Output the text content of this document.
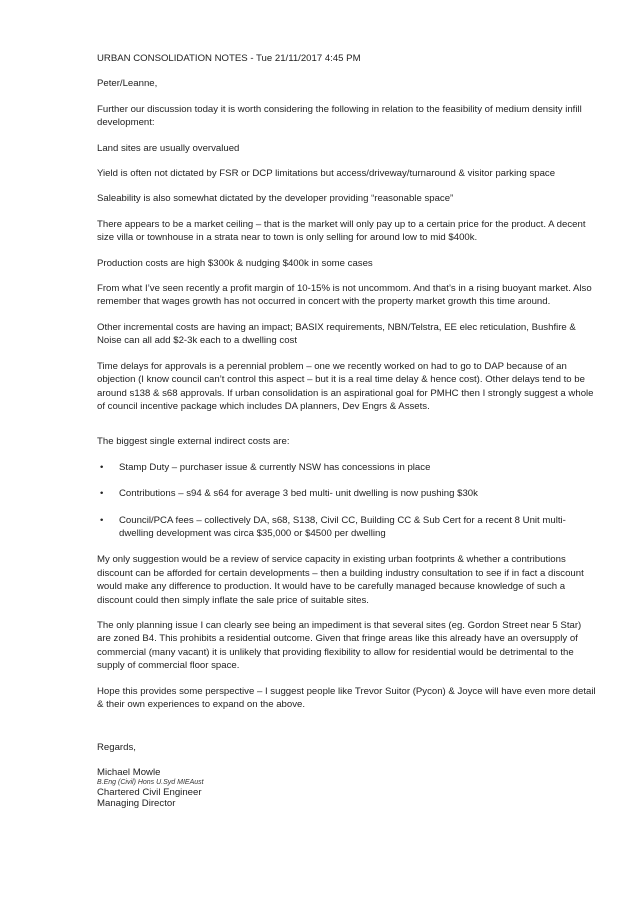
URBAN CONSOLIDATION NOTES - Tue 21/11/2017 4:45 PM

Peter/Leanne,

Further our discussion today it is worth considering the following in relation to the feasibility of medium density infill development:

Land sites are usually overvalued

Yield is often not dictated by FSR or DCP limitations but access/driveway/turnaround & visitor parking space

Saleability is also somewhat dictated by the developer providing “reasonable space”

There appears to be a market ceiling – that is the market will only pay up to a certain price for the product. A decent size villa or townhouse in a strata near to town is only selling for around low to mid $400k.

Production costs are high $300k & nudging $400k in some cases

From what I’ve seen recently a profit margin of 10-15% is not uncommom. And that’s in a rising buoyant market. Also remember that wages growth has not occurred in concert with the property market growth this time around.

Other incremental costs are having an impact; BASIX requirements, NBN/Telstra, EE elec reticulation, Bushfire & Noise can all add $2-3k each to a dwelling cost

Time delays for approvals is a perennial problem – one we recently worked on had to go to DAP because of an objection (I know council can’t control this aspect – but it is a real time delay & hence cost). Other delays tend to be around s138 & s68 approvals. If urban consolidation is an aspirational goal for PMHC then I strongly suggest a whole of council incentive package which includes DA planners, Dev Engrs & Assets.

The biggest single external indirect costs are:

• Stamp Duty – purchaser issue & currently NSW has concessions in place
• Contributions – s94 & s64 for average 3 bed multi- unit dwelling is now pushing $30k
• Council/PCA fees – collectively DA, s68, S138, Civil CC, Building CC & Sub Cert for a recent 8 Unit multi- dwelling development was circa $35,000 or $4500 per dwelling

My only suggestion would be a review of service capacity in existing urban footprints & whether a contributions discount can be afforded for certain developments – then a building industry consultation to see if in fact a discount would make any difference to production. It would have to be carefully managed because knowledge of such a discount could then simply inflate the sale price of suitable sites.

The only planning issue I can clearly see being an impediment is that several sites (eg. Gordon Street near 5 Star) are zoned B4. This prohibits a residential outcome. Given that fringe areas like this already have an oversupply of commercial (many vacant) it is unlikely that providing flexibility to allow for residential would be detrimental to the supply of commercial floor space.

Hope this provides some perspective – I suggest people like Trevor Suitor (Pycon) & Joyce will have even more detail & their own experiences to expand on the above.

Regards,

Michael Mowle
B.Eng (Civil) Hons U.Syd MIEAust
Chartered Civil Engineer
Managing Director
